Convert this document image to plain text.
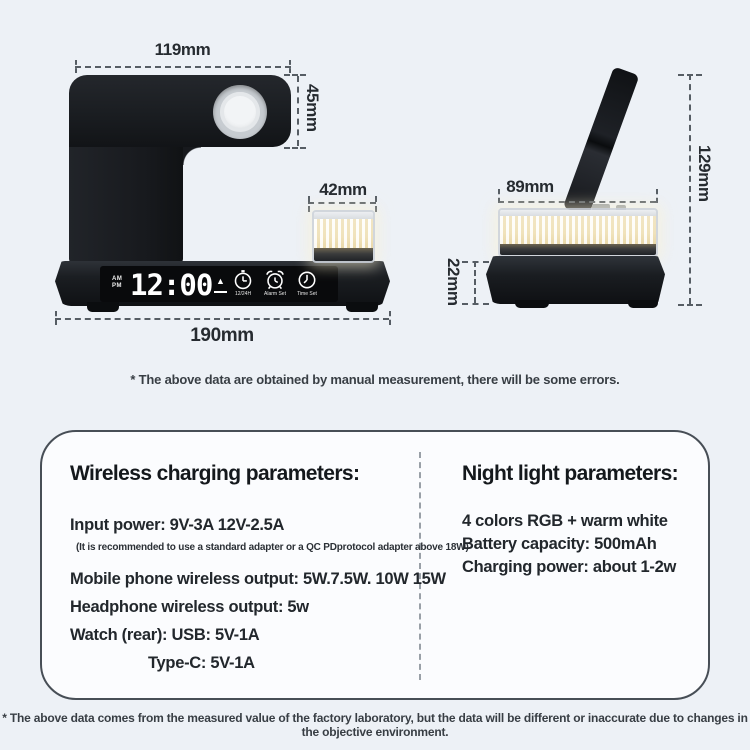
119mm
45mm
42mm
AM
PM 12:00 ▲
12/24H	Alarm Set	Time Set
190mm
89mm
22mm
129mm
* The above data are obtained by manual measurement, there will be some errors.
Wireless charging parameters:
Input power: 9V-3A 12V-2.5A
(It is recommended to use a standard adapter or a QC PDprotocol adapter above 18W)
Mobile phone wireless output: 5W.7.5W. 10W 15W
Headphone wireless output: 5w
Watch (rear): USB: 5V-1A
Type-C: 5V-1A
Night light parameters:
4 colors RGB + warm white
Battery capacity: 500mAh
Charging power: about 1-2w
* The above data comes from the measured value of the factory laboratory, but the data will be different or inaccurate due to changes in the objective environment.
